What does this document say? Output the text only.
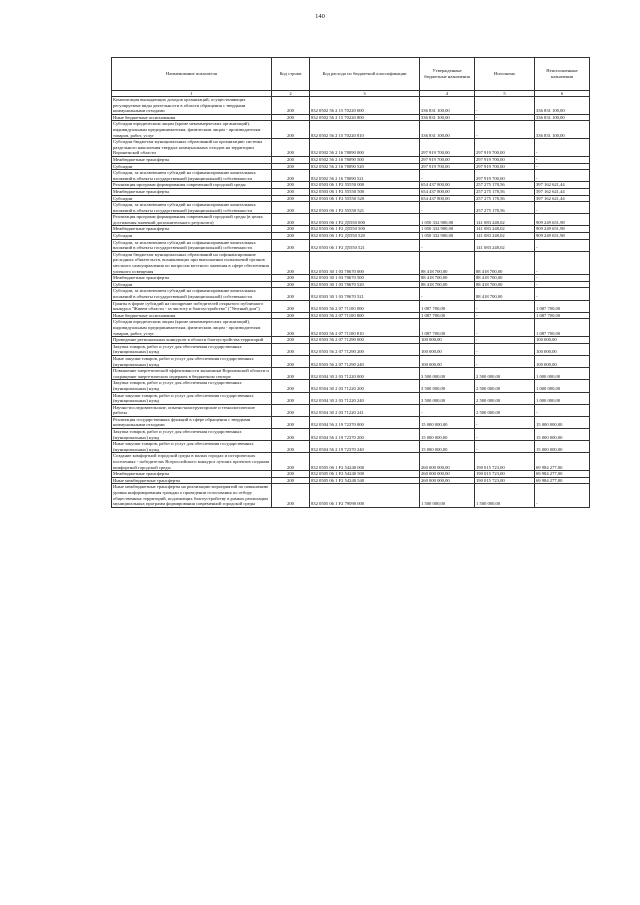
140
Наименование показателя	Код строки	Код расхода по бюджетной классификации	Утвержденные бюджетные назначения	Исполнено	Неисполненные назначения
1	2	3	4	5	6
Компенсация выпадающих доходов организаций, осуществляющих регулируемые виды деятельности в области обращения с твердыми коммунальными отходами	200	832 0502 56 2 15 70220 000	336 831 100,00	-	336 831 100,00
Иные бюджетные ассигнования	200	832 0502 56 2 15 70220 800	336 831 100,00	-	336 831 100,00
Субсидии юридическим лицам (кроме некоммерческих организаций), индивидуальным предпринимателям, физическим лицам - производителям товаров, работ, услуг	200	832 0502 56 2 15 70220 810	336 831 100,00	-	336 831 100,00
Субсидии бюджетам муниципальных образований на организацию системы раздельного накопления твердых коммунальных отходов на территории Воронежской области	200	832 0502 56 2 16 78090 000	297 919 700,00	297 919 700,00	-
Межбюджетные трансферты	200	832 0502 56 2 16 78090 500	297 919 700,00	297 919 700,00	-
Субсидии	200	832 0502 56 2 16 78090 520	297 919 700,00	297 919 700,00	-
Субсидии, за исключением субсидий на софинансирование капитальных вложений в объекты государственной (муниципальной) собственности	200	832 0502 56 2 16 78090 521	-	297 919 700,00	-
Реализация программ формирования современной городской среды	200	832 0503 06 1 F2 55550 000	654 437 800,00	257 275 178,56	397 162 621,44
Межбюджетные трансферты	200	832 0503 06 1 F2 55550 500	654 437 800,00	257 275 178,56	397 162 621,44
Субсидии	200	832 0503 06 1 F2 55550 520	654 437 800,00	257 275 178,56	397 162 621,44
Субсидии, за исключением субсидий на софинансирование капитальных вложений в объекты государственной (муниципальной) собственности	200	832 0503 06 1 F2 55550 521	-	257 275 178,56	-
Реализация программ формирования современной городской среды (в целях достижения значений дополнительного результата)	200	832 0503 06 1 F2 Д5550 000	1 050 332 900,00	141 083 248,02	909 249 651,98
Межбюджетные трансферты	200	832 0503 06 1 F2 Д5550 500	1 050 332 900,00	141 083 248,02	909 249 651,98
Субсидии	200	832 0503 06 1 F2 Д5550 520	1 050 332 900,00	141 083 248,02	909 249 651,98
Субсидии, за исключением субсидий на софинансирование капитальных вложений в объекты государственной (муниципальной) собственности	200	832 0503 06 1 F2 Д5550 521	-	141 083 248,02	-
Субсидии бюджетам муниципальных образований на софинансирование расходных обязательств, возникающих при выполнении полномочий органов местного самоуправления по вопросам местного значения в сфере обеспечения уличного освещения	200	832 0503 30 1 03 78670 000	88 418 700,00	88 418 700,00	-
Межбюджетные трансферты	200	832 0503 30 1 03 78670 500	88 418 700,00	88 418 700,00	-
Субсидии	200	832 0503 30 1 03 78670 520	88 418 700,00	88 418 700,00	-
Субсидии, за исключением субсидий на софинансирование капитальных вложений в объекты государственной (муниципальной) собственности	200	832 0503 30 1 03 78670 521	-	88 418 700,00	-
Гранты в форме субсидий на поощрение победителей открытого публичного конкурса "Живем области - за чистоту и благоустройство" ("Уютный дом")	200	832 0503 56 2 07 71100 000	1 087 700,00	-	1 087 700,00
Иные бюджетные ассигнования	200	832 0503 56 2 07 71100 800	1 087 700,00	-	1 087 700,00
Субсидии юридическим лицам (кроме некоммерческих организаций), индивидуальным предпринимателям, физическим лицам - производителям товаров, работ, услуг	200	832 0503 56 2 07 71100 810	1 087 700,00	-	1 087 700,00
Проведение региональных конкурсов в области благоустройства территорий	200	832 0503 56 2 07 71290 000	100 000,00	-	100 000,00
Закупка товаров, работ и услуг для обеспечения государственных (муниципальных) нужд	200	832 0503 56 2 07 71290 200	100 000,00	-	100 000,00
Иные закупки товаров, работ и услуг для обеспечения государственных (муниципальных) нужд	200	832 0503 56 2 07 71290 240	100 000,00	-	100 000,00
Повышение энергетической эффективности экономики Воронежской области и сокращение энергетических издержек в бюджетном секторе	200	832 0504 30 2 03 71220 000	3 500 000,00	2 500 000,00	1 000 000,00
Закупка товаров, работ и услуг для обеспечения государственных (муниципальных) нужд	200	832 0504 30 2 03 71220 200	3 500 000,00	2 500 000,00	1 000 000,00
Иные закупки товаров, работ и услуг для обеспечения государственных (муниципальных) нужд	200	832 0504 30 2 03 71220 240	3 500 000,00	2 500 000,00	1 000 000,00
Научно-исследовательские, опытно-конструкторские и технологические работы	200	832 0504 30 2 03 71220 241	-	2 500 000,00	-
Реализация государственных функций в сфере обращения с твердыми коммунальными отходами	200	832 0504 56 2 19 72370 000	15 000 000,00	-	15 000 000,00
Закупка товаров, работ и услуг для обеспечения государственных (муниципальных) нужд	200	832 0504 56 2 19 72370 200	15 000 000,00	-	15 000 000,00
Иные закупки товаров, работ и услуг для обеспечения государственных (муниципальных) нужд	200	832 0504 56 2 19 72370 240	15 000 000,00	-	15 000 000,00
Создание комфортной городской среды в малых городах и исторических поселениях - победителях Всероссийского конкурса лучших проектов создания комфортной городской среды	200	832 0505 06 1 F2 54240 000	260 000 000,00	190 015 723,00	69 984 277,00
Межбюджетные трансферты	200	832 0505 06 1 F2 54240 500	260 000 000,00	190 015 723,00	69 984 277,00
Иные межбюджетные трансферты	200	832 0505 06 1 F2 54240 540	260 000 000,00	190 015 723,00	69 984 277,00
Иные межбюджетные трансферты на реализацию мероприятий по повышению уровня информирования граждан о проведении голосования по отбору общественных территорий, подлежащих благоустройству в рамках реализации муниципальных программ формирования современной городской среды	200	832 0505 06 1 F2 79090 000	1 500 000,00	1 500 000,00	-
